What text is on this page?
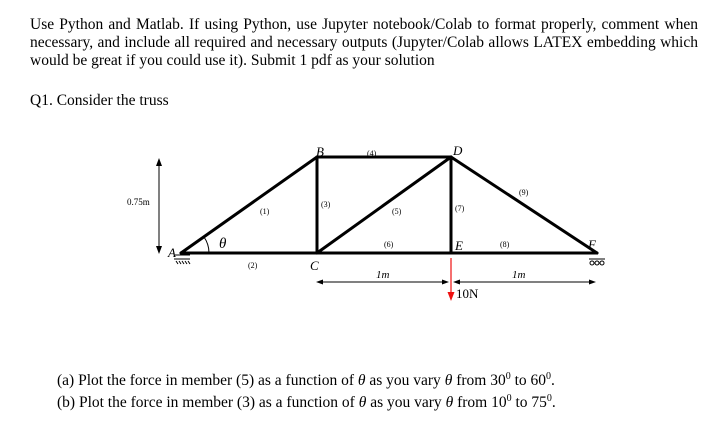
Use Python and Matlab. If using Python, use Jupyter notebook/Colab to format properly, comment when necessary, and include all required and necessary outputs (Jupyter/Colab allows LATEX embedding which would be great if you could use it). Submit 1 pdf as your solution
Q1. Consider the truss
0.75m
θ
A
B
C
D
E	F
(1)
(2)
(3)
(4)
(5)
(6)
(7)
(8)
(9)
1m	1m
10N
(a) Plot the force in member (5) as a function of θ as you vary θ from $30^0$ to $60^0$.
(b) Plot the force in member (3) as a function of θ as you vary θ from $10^0$ to $75^0$.
